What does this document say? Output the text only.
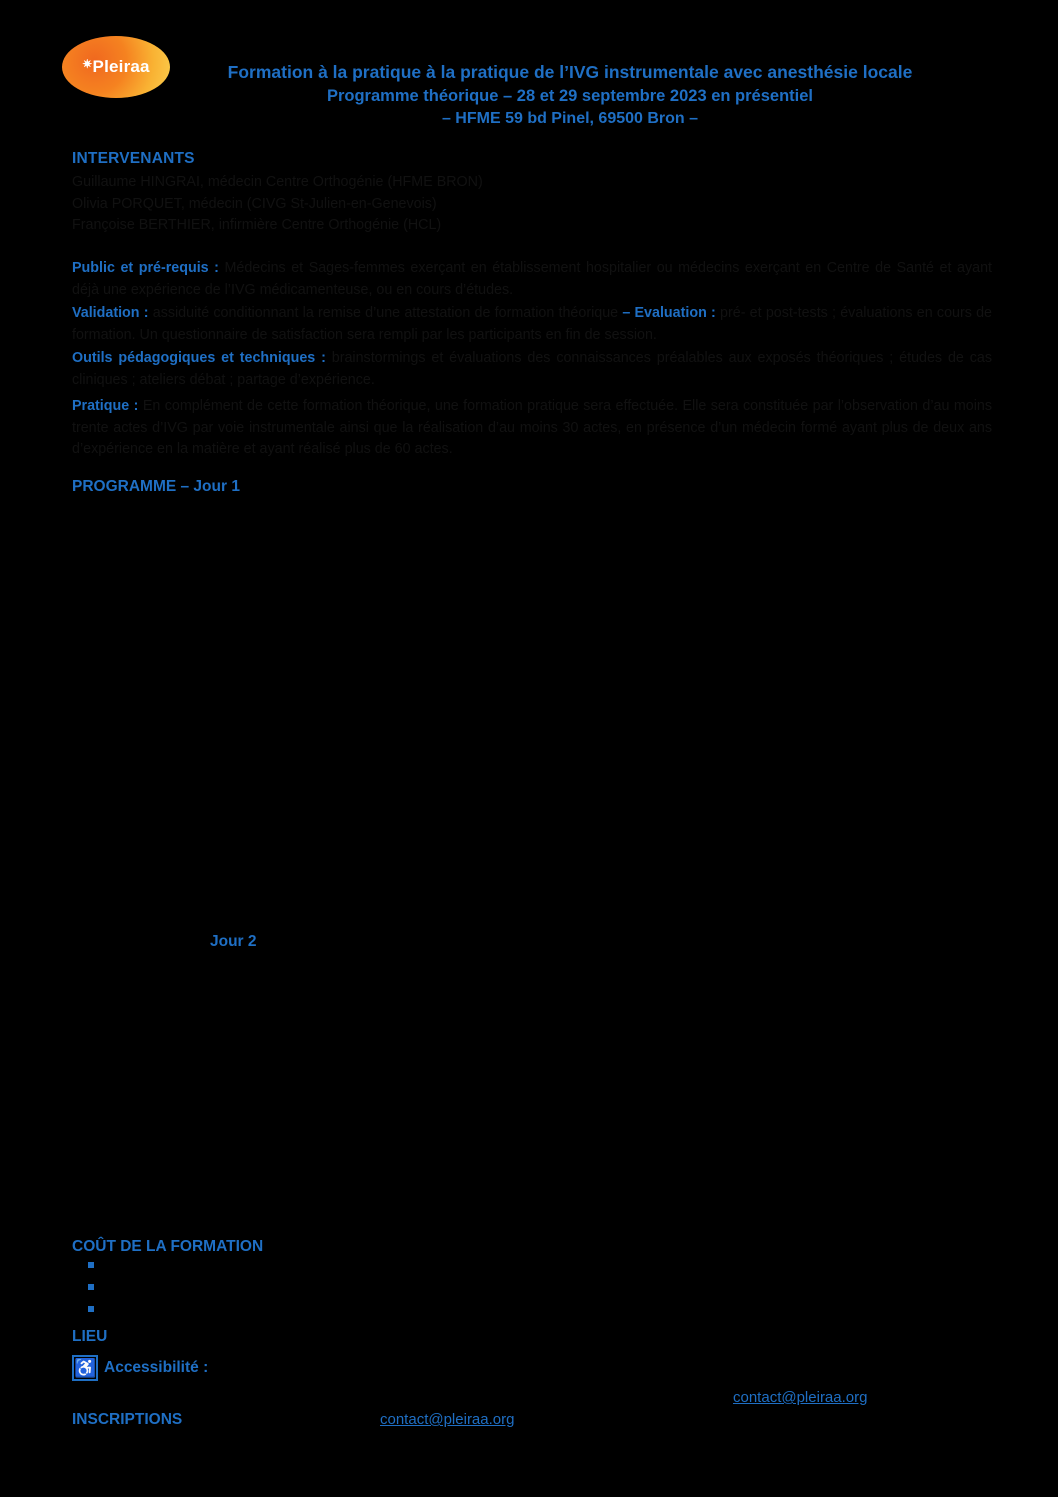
✷Pleiraa	Formation à la pratique à la pratique de l’IVG instrumentale avec anesthésie locale
Programme théorique – 28 et 29 septembre 2023 en présentiel
– HFME 59 bd Pinel, 69500 Bron –
INTERVENANTS
Guillaume HINGRAI, médecin Centre Orthogénie (HFME BRON)
Olivia PORQUET, médecin (CIVG St-Julien-en-Genevois)
Françoise BERTHIER, infirmière Centre Orthogénie (HCL)
Public et pré-requis : Médecins et Sages-femmes exerçant en établissement hospitalier ou médecins exerçant en Centre de Santé et ayant déjà une expérience de l’IVG médicamenteuse, ou en cours d’études.
Validation : assiduité conditionnant la remise d’une attestation de formation théorique – Evaluation : pré- et post-tests ; évaluations en cours de formation. Un questionnaire de satisfaction sera rempli par les participants en fin de session.
Outils pédagogiques et techniques : brainstormings et évaluations des connaissances préalables aux exposés théoriques ; études de cas cliniques ; ateliers débat ; partage d’expérience.
Pratique : En complément de cette formation théorique, une formation pratique sera effectuée. Elle sera constituée par l’observation d’au moins trente actes d’IVG par voie instrumentale ainsi que la réalisation d’au moins 30 actes, en présence d’un médecin formé ayant plus de deux ans d’expérience en la matière et ayant réalisé plus de 60 actes.
PROGRAMME – Jour 1
Jour 2
COÛT DE LA FORMATION
LIEU
♿ Accessibilité :
contact@pleiraa.org
INSCRIPTIONS	contact@pleiraa.org
